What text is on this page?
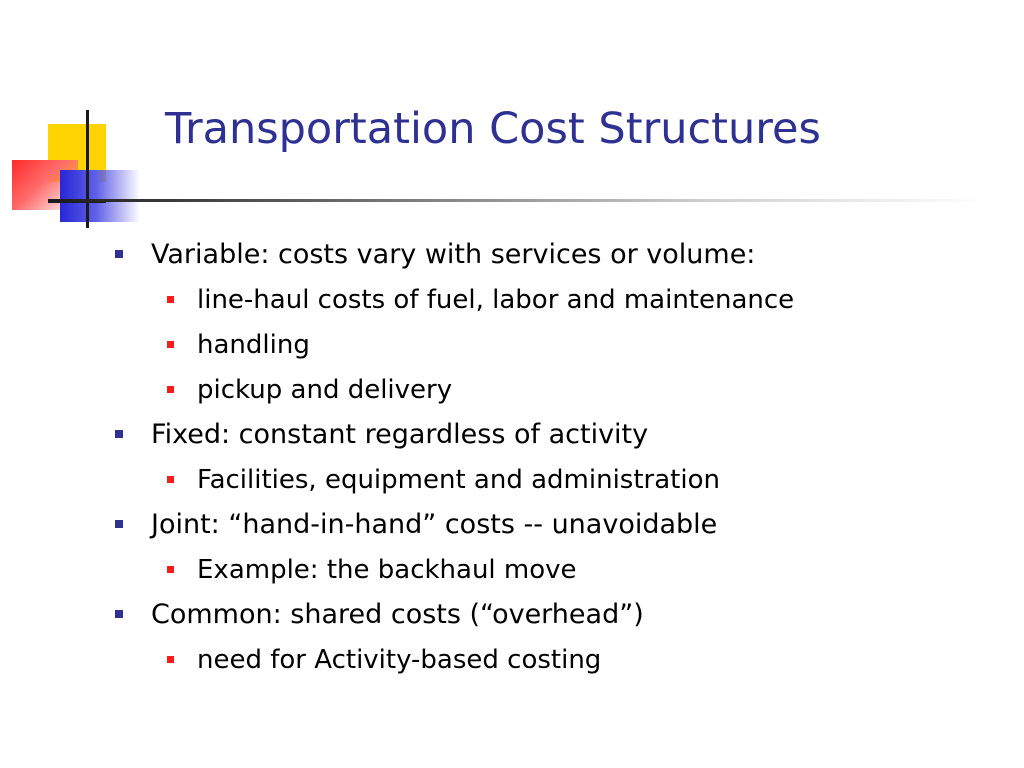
Transportation Cost Structures
Variable: costs vary with services or volume:
line-haul costs of fuel, labor and maintenance
handling
pickup and delivery
Fixed: constant regardless of activity
Facilities, equipment and administration
Joint: “hand-in-hand” costs -- unavoidable
Example: the backhaul move
Common: shared costs (“overhead”)
need for Activity-based costing
